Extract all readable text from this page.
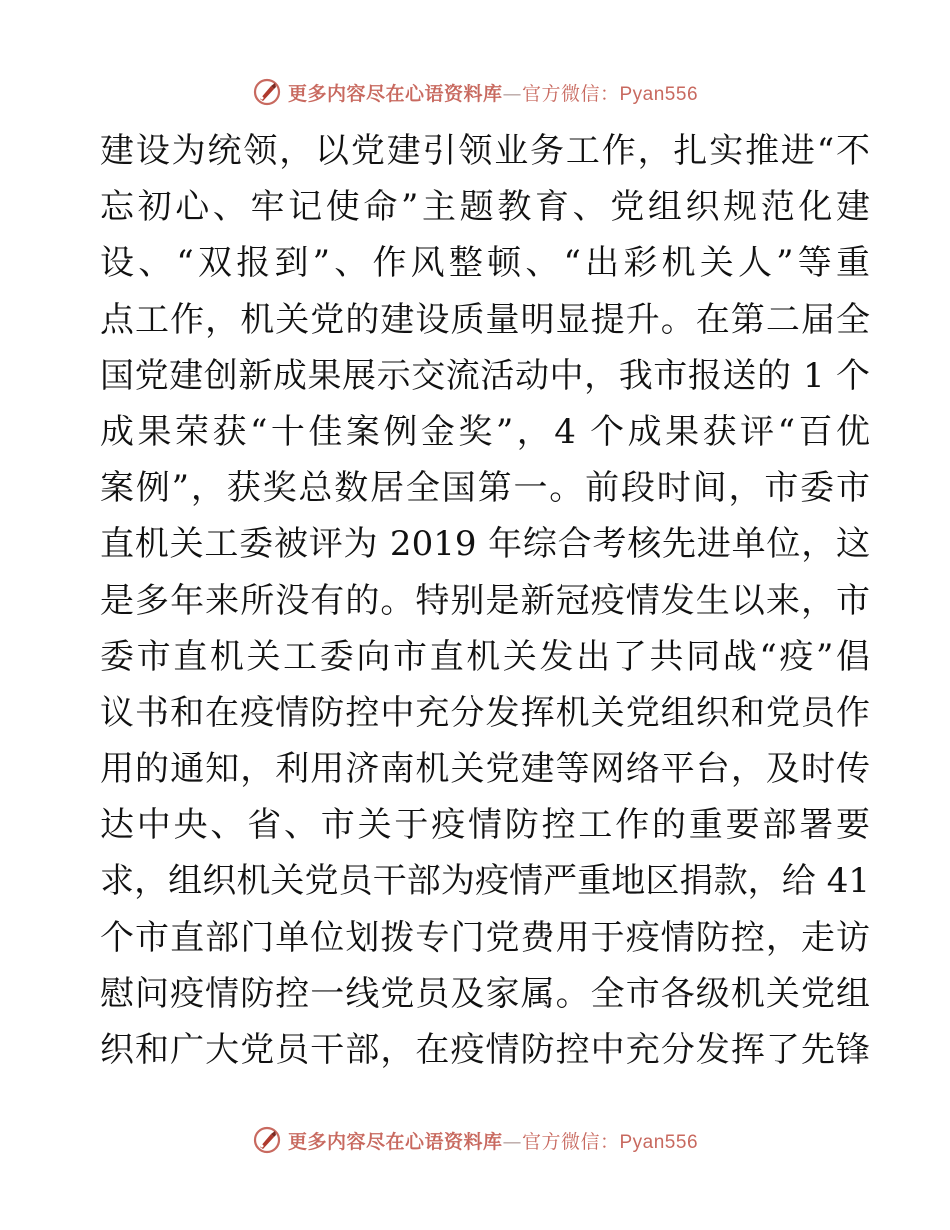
更多内容尽在心语资料库—官方微信：Pyan556
建设为统领，以党建引领业务工作，扎实推进“不
忘初心、牢记使命”主题教育、党组织规范化建
设、“双报到”、作风整顿、“出彩机关人”等重
点工作，机关党的建设质量明显提升。在第二届全
国党建创新成果展示交流活动中，我市报送的 1 个
成果荣获“十佳案例金奖”，4 个成果获评“百优
案例”，获奖总数居全国第一。前段时间，市委市
直机关工委被评为 2019 年综合考核先进单位，这
是多年来所没有的。特别是新冠疫情发生以来，市
委市直机关工委向市直机关发出了共同战“疫”倡
议书和在疫情防控中充分发挥机关党组织和党员作
用的通知，利用济南机关党建等网络平台，及时传
达中央、省、市关于疫情防控工作的重要部署要
求，组织机关党员干部为疫情严重地区捐款，给 41
个市直部门单位划拨专门党费用于疫情防控，走访
慰问疫情防控一线党员及家属。全市各级机关党组
织和广大党员干部，在疫情防控中充分发挥了先锋
更多内容尽在心语资料库—官方微信：Pyan556
